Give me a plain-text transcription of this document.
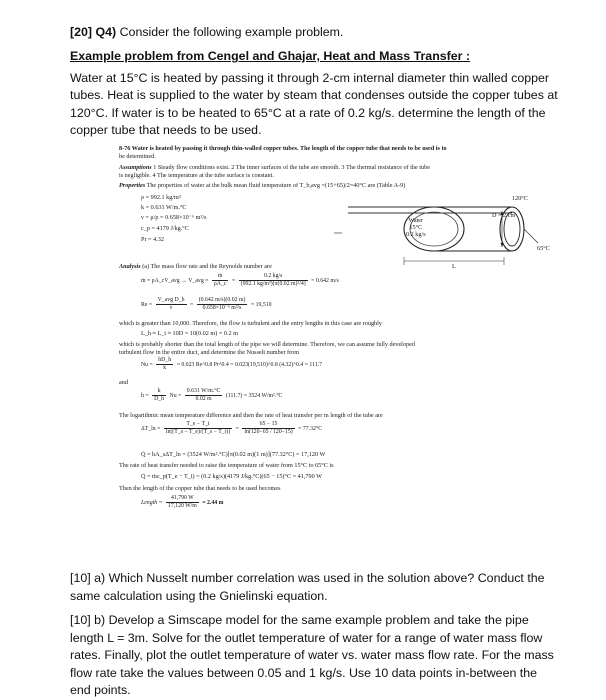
[20] Q4) Consider the following example problem.
Example problem from Cengel and Ghajar, Heat and Mass Transfer :
Water at 15°C is heated by passing it through 2-cm internal diameter thin walled copper tubes. Heat is supplied to the water by steam that condenses outside the copper tubes at 120°C. If water is to be heated to 65°C at a rate of 0.2 kg/s. determine the length of the copper tube that needs to be used.
8-76 Water is heated by passing it through thin-walled copper tubes. The length of the copper tube that needs to be used is to
be determined.
Assumptions 1 Steady flow conditions exist. 2 The inner surfaces of the tube are smooth. 3 The thermal resistance of the tube
is negligible. 4 The temperature at the tube surface is constant.
Properties The properties of water at the bulk mean fluid temperature of T_b,avg =(15+65)/2=40°C are (Table A-9)
ρ = 992.1 kg/m³
k = 0.631 W/m.°C
ν = μ/ρ = 0.658×10⁻⁶ m²/s
c_p = 4179 J/kg.°C
Pr = 4.32
120°C
Water
15°C
0.2 kg/s
D = 2 cm
65°C
L
Analysis (a) The mass flow rate and the Reynolds number are
ṁ = ρA_cV_avg → V_avg = $\frac{\text{ṁ}}{\rho A\_c} = \frac{0.2 kg/s}{\text{(992.1 kg/m³)[π(0.02 m)²/4]}} = 0.642$ m/s
Re =
V_avg D_h
ν
= $\frac{(0.642 m/s)(0.02 m)}{\text{0.658×10⁻⁶ m²/s}} = 19,510$
which is greater than 10,000. Therefore, the flow is turbulent and the entry lengths in this case are roughly
L_h ≈ L_t ≈ 10D = 10(0.02 m) = 0.2 m
which is probably shorter than the total length of the pipe we will determine. Therefore, we can assume fully developed
turbulent flow in the entire duct, and determine the Nusselt number from
$Nu = \frac{hD\_h}{k} = 0.023$ Re^0.8 Pr^0.4 = 0.023(19,510)^0.8 (4.32)^0.4 = 111.7
and
$h = \frac{k}{D\_h}$ $Nu = \frac{0.631 W/m.^\circ C}{0.02 m} (111.7) = 3524$ W/m².°C
The logarithmic mean temperature difference and then the rate of heat transfer per m length of the tube are
ΔT_ln = $\frac{T\_e - T\_i}{\ln[(T\_s - T\_e)/(T\_s - T\_i)]} = \frac{65 - 15}{\ln(120-65 / 120-15)} = 77.32^\circ C$
Q̇ = hA_sΔT_ln = (3524 W/m².°C)[π(0.02 m)(1 m)](77.32°C) = 17,120 W
The rate of heat transfer needed to raise the temperature of water from 15°C to 65°C is
Q̇ = ṁc_p(T_e − T_i) = (0.2 kg/s)(4179 J/kg.°C)(65 − 15)°C = 41,790 W
Then the length of the copper tube that needs to be used becomes
Length = $\frac{41,790 W}{17,120 W/m} = 2.44$ m
[10] a) Which Nusselt number correlation was used in the solution above? Conduct the same calculation using the Gnielinski equation.
[10] b) Develop a Simscape model for the same example problem and take the pipe length L = 3m. Solve for the outlet temperature of water for a range of water mass flow rates. Finally, plot the outlet temperature of water vs. water mass flow rate. For the mass flow rate take the values between 0.05 and 1 kg/s. Use 10 data points in-between the end points.
